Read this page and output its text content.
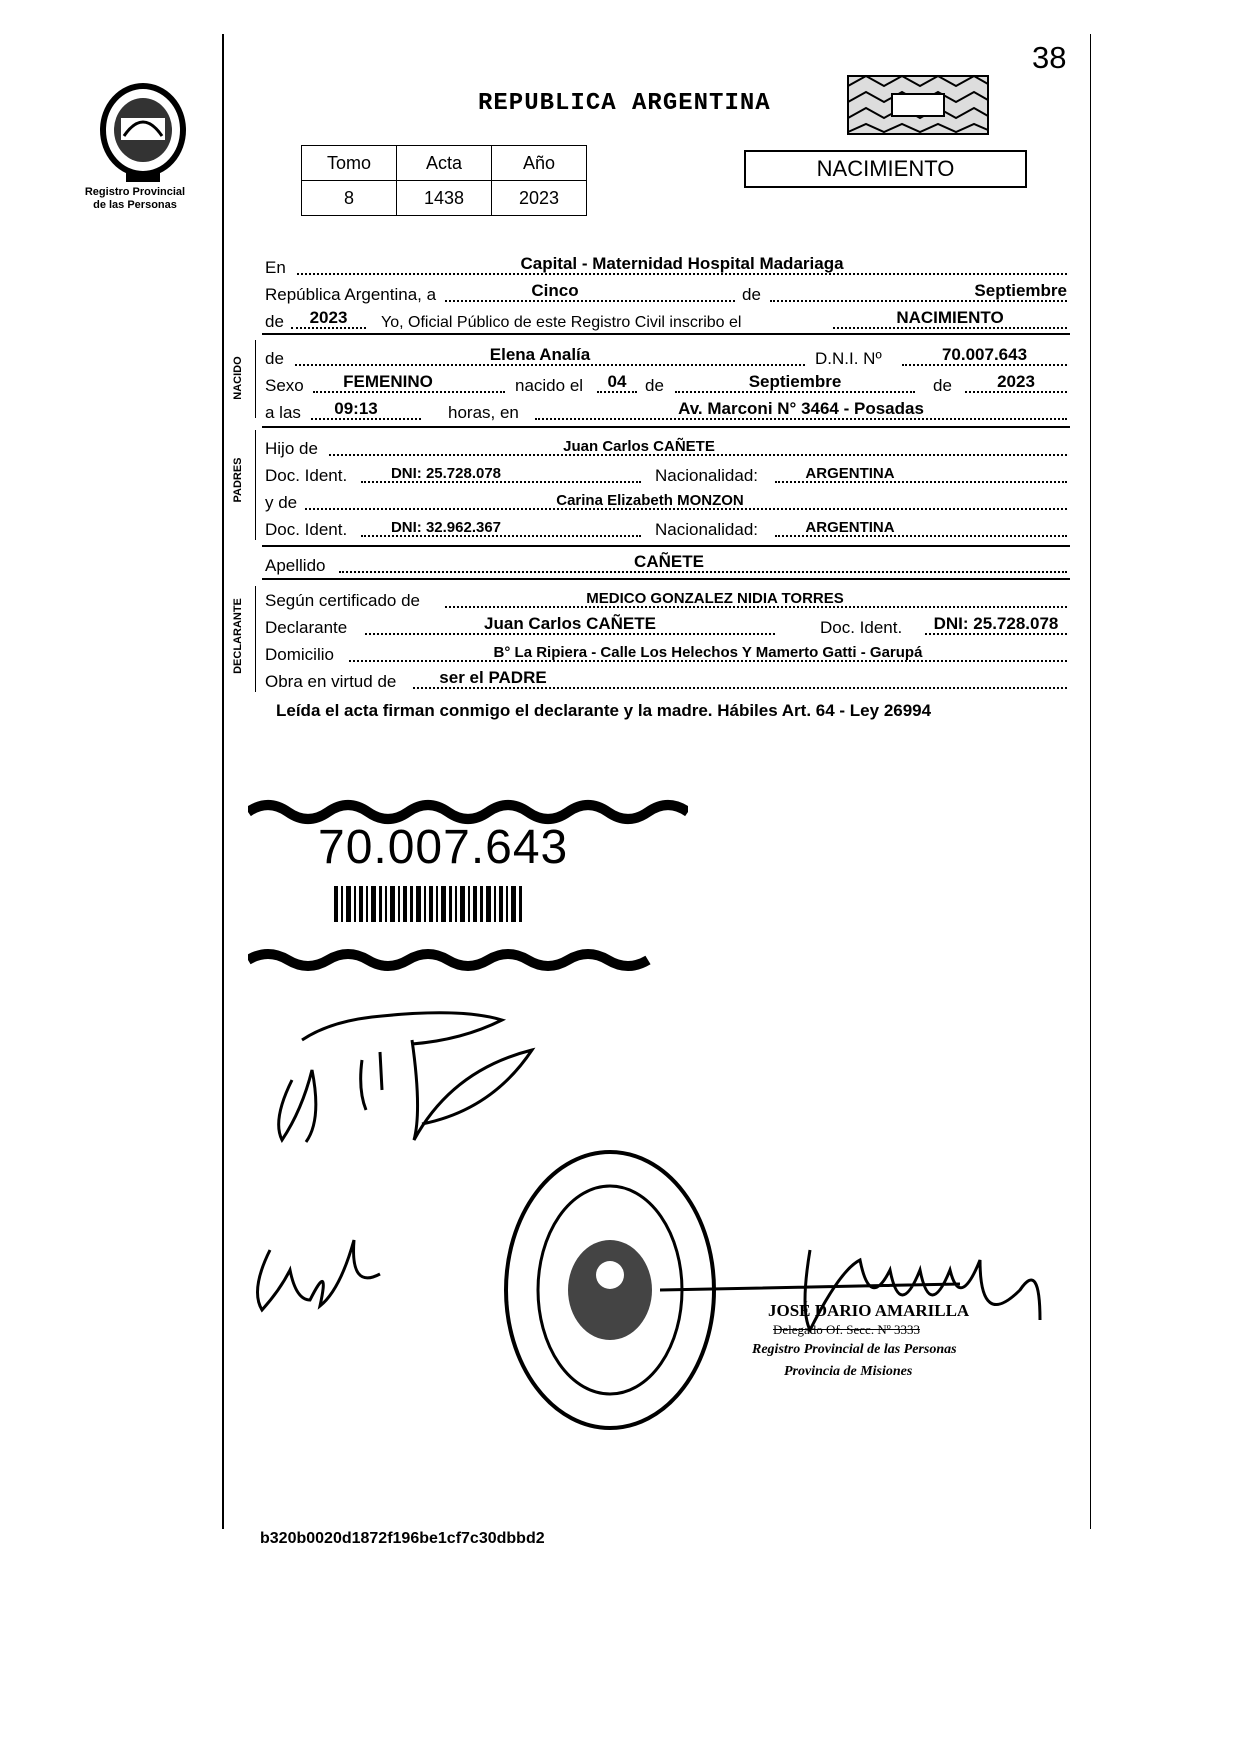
38
Registro Provincial
de las Personas
REPUBLICA ARGENTINA
Tomo	Acta	Año
8	1438	2023
NACIMIENTO
En	Capital - Maternidad Hospital Madariaga
República Argentina, a	Cinco	de	Septiembre
de	2023	Yo, Oficial Público de este Registro Civil inscribo el	NACIMIENTO
NACIDO de	Elena Analía	D.N.I. Nº	70.007.643
Sexo	FEMENINO	nacido el	04	de	Septiembre	de	2023
a las	09:13	horas, en	Av. Marconi N° 3464 - Posadas
PADRES
Hijo de	Juan Carlos CAÑETE
Doc. Ident.	DNI: 25.728.078	Nacionalidad:	ARGENTINA
y de	Carina Elizabeth MONZON
Doc. Ident.	DNI: 32.962.367	Nacionalidad:	ARGENTINA
Apellido	CAÑETE
DECLARANTE Según certificado de	MEDICO GONZALEZ NIDIA TORRES
Declarante	Juan Carlos CAÑETE	Doc. Ident.	DNI: 25.728.078
Domicilio	B° La Ripiera - Calle Los Helechos Y Mamerto Gatti - Garupá
Obra en virtud de	ser el PADRE
Leída el acta firman conmigo el declarante y la madre. Hábiles Art. 64 - Ley 26994
70.007.643
JOSÉ DARIO AMARILLA
Delegado Of. Secc. Nº 3333
Registro Provincial de las Personas
Provincia de Misiones
b320b0020d1872f196be1cf7c30dbbd2
